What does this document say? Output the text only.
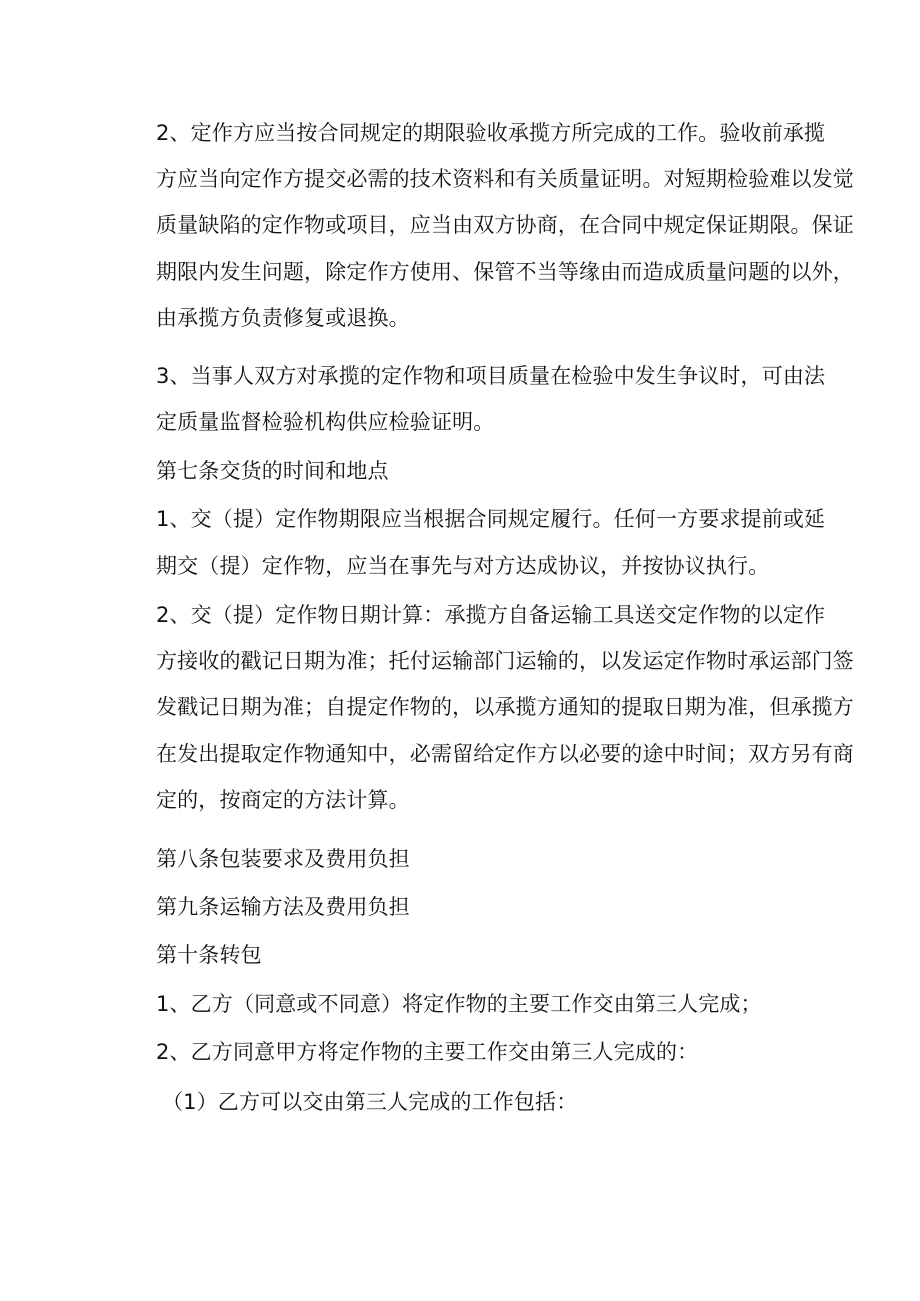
2、定作方应当按合同规定的期限验收承揽方所完成的工作。验收前承揽
方应当向定作方提交必需的技术资料和有关质量证明。对短期检验难以发觉
质量缺陷的定作物或项目，应当由双方协商，在合同中规定保证期限。保证
期限内发生问题，除定作方使用、保管不当等缘由而造成质量问题的以外，
由承揽方负责修复或退换。
3、当事人双方对承揽的定作物和项目质量在检验中发生争议时，可由法
定质量监督检验机构供应检验证明。
第七条交货的时间和地点
1、交（提）定作物期限应当根据合同规定履行。任何一方要求提前或延
期交（提）定作物，应当在事先与对方达成协议，并按协议执行。
2、交（提）定作物日期计算：承揽方自备运输工具送交定作物的以定作
方接收的戳记日期为准；托付运输部门运输的，以发运定作物时承运部门签
发戳记日期为准；自提定作物的，以承揽方通知的提取日期为准，但承揽方
在发出提取定作物通知中，必需留给定作方以必要的途中时间；双方另有商
定的，按商定的方法计算。
第八条包装要求及费用负担
第九条运输方法及费用负担
第十条转包
1、乙方（同意或不同意）将定作物的主要工作交由第三人完成；
2、乙方同意甲方将定作物的主要工作交由第三人完成的：
（1）乙方可以交由第三人完成的工作包括：
